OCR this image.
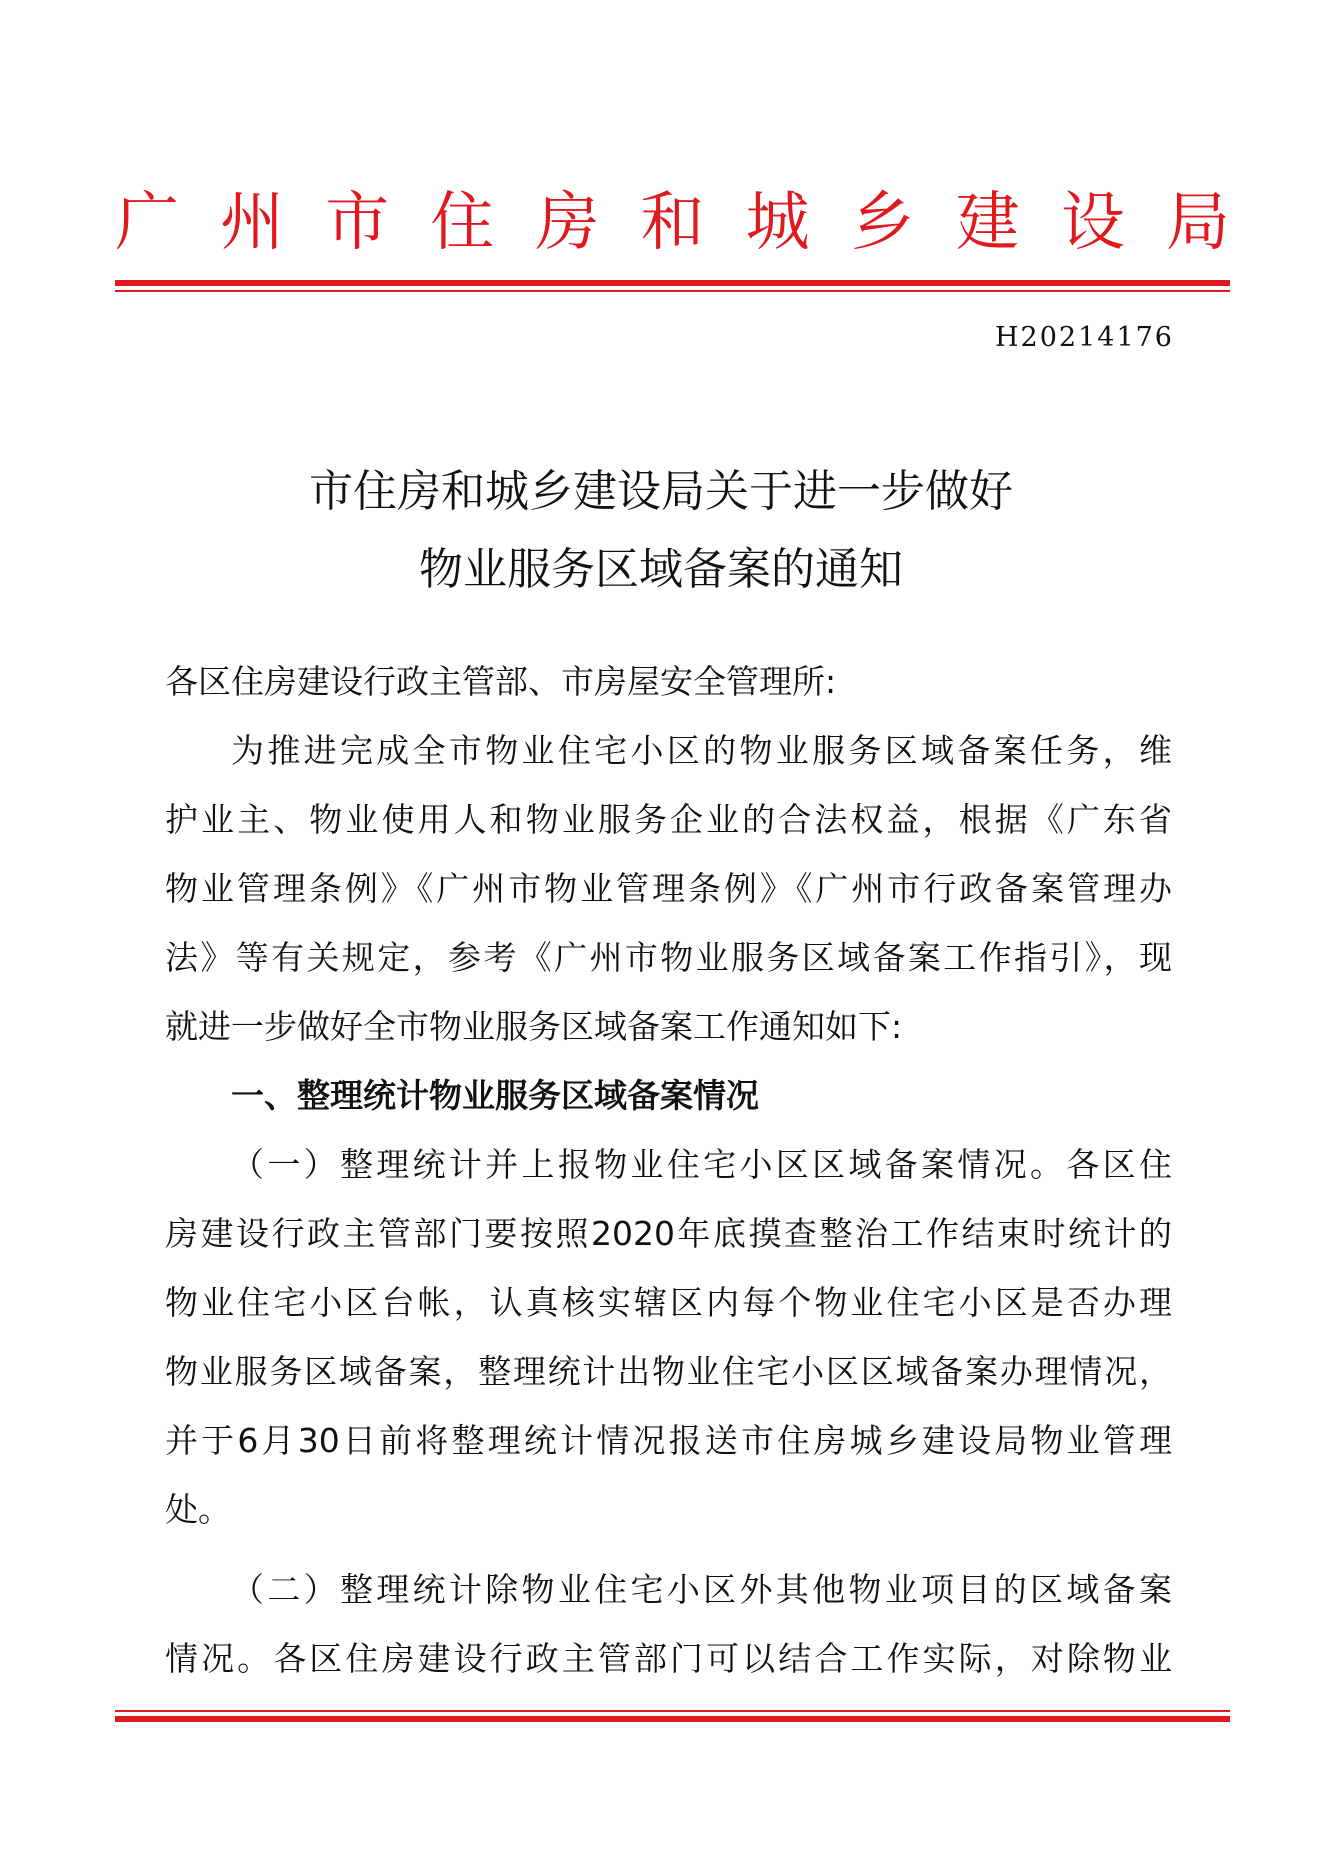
广 州 市 住 房 和 城 乡 建 设 局
H20214176
市住房和城乡建设局关于进一步做好
物业服务区域备案的通知
各区住房建设行政主管部、市房屋安全管理所:
为推进完成全市物业住宅小区的物业服务区域备案任务，维
护业主、物业使用人和物业服务企业的合法权益，根据《广东省
物业管理条例》《广州市物业管理条例》《广州市行政备案管理办
法》等有关规定，参考《广州市物业服务区域备案工作指引》，现
就进一步做好全市物业服务区域备案工作通知如下:
一、整理统计物业服务区域备案情况
（一）整理统计并上报物业住宅小区区域备案情况。各区住
房建设行政主管部门要按照2020年底摸查整治工作结束时统计的
物业住宅小区台帐，认真核实辖区内每个物业住宅小区是否办理
物业服务区域备案，整理统计出物业住宅小区区域备案办理情况，
并于6月30日前将整理统计情况报送市住房城乡建设局物业管理
处。
（二）整理统计除物业住宅小区外其他物业项目的区域备案
情况。各区住房建设行政主管部门可以结合工作实际，对除物业
